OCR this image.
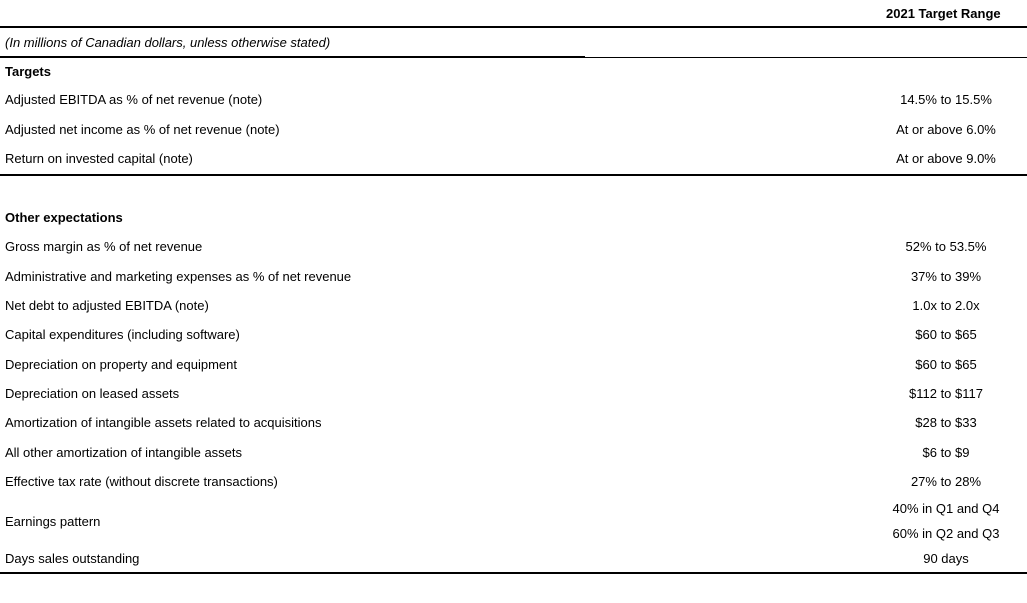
2021 Target Range
(In millions of Canadian dollars, unless otherwise stated)
Targets
Adjusted EBITDA as % of net revenue (note)	14.5% to 15.5%
Adjusted net income as % of net revenue (note)	At or above 6.0%
Return on invested capital (note)	At or above 9.0%
Other expectations
Gross margin as % of net revenue	52% to 53.5%
Administrative and marketing expenses as % of net revenue	37% to 39%
Net debt to adjusted EBITDA (note)	1.0x to 2.0x
Capital expenditures (including software)	$60 to $65
Depreciation on property and equipment	$60 to $65
Depreciation on leased assets	$112 to $117
Amortization of intangible assets related to acquisitions	$28 to $33
All other amortization of intangible assets	$6 to $9
Effective tax rate (without discrete transactions)	27% to 28%
Earnings pattern
40% in Q1 and Q4
60% in Q2 and Q3
Days sales outstanding	90 days
